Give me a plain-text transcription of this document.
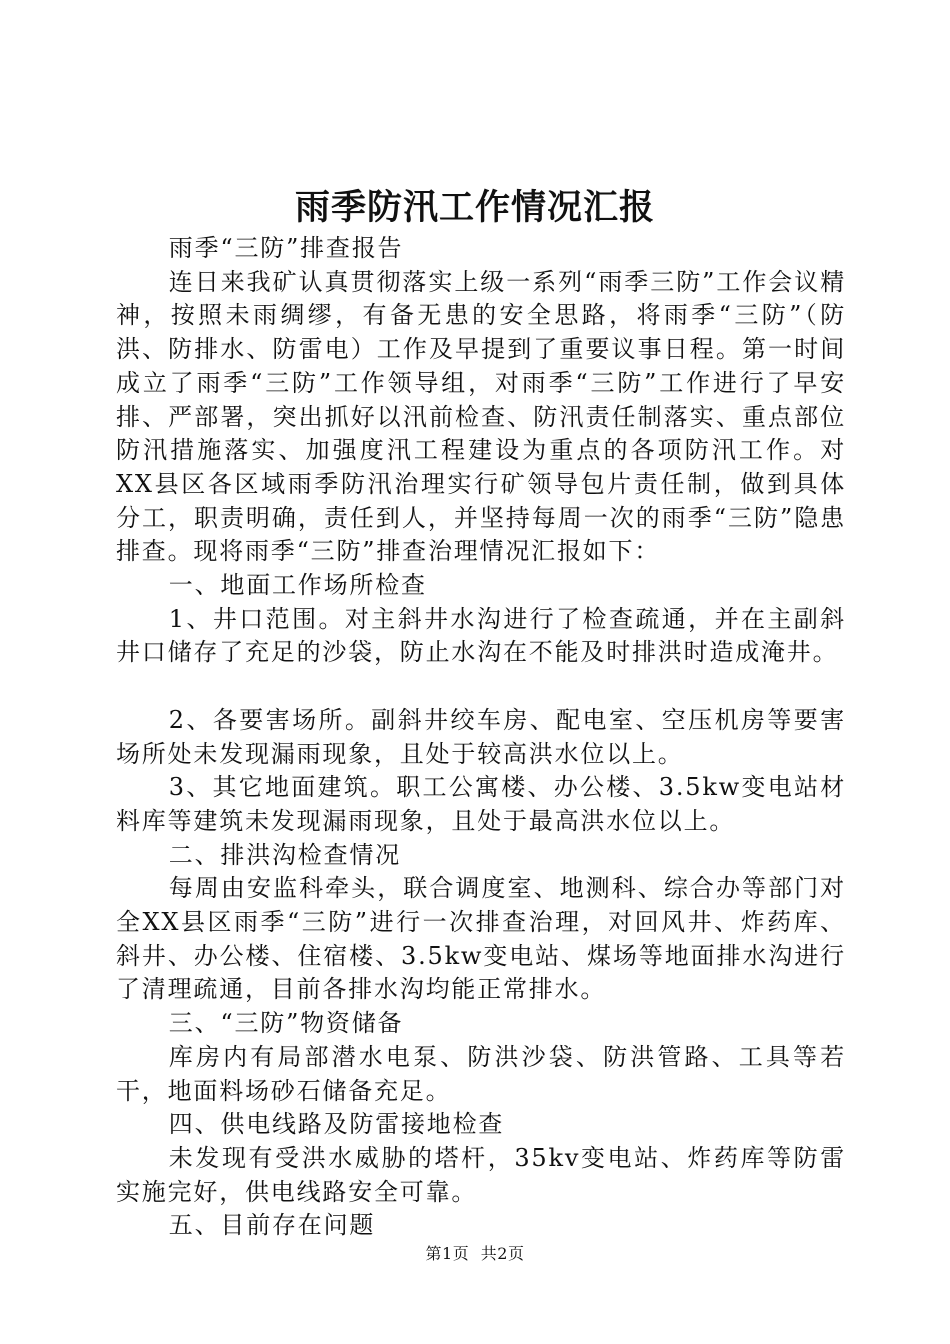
雨季防汛工作情况汇报

雨季“三防”排查报告

连日来我矿认真贯彻落实上级一系列“雨季三防”工作会议精神，按照未雨绸缪，有备无患的安全思路，将雨季“三防”（防洪、防排水、防雷电）工作及早提到了重要议事日程。第一时间成立了雨季“三防”工作领导组，对雨季“三防”工作进行了早安排、严部署，突出抓好以汛前检查、防汛责任制落实、重点部位防汛措施落实、加强度汛工程建设为重点的各项防汛工作。对XX县区各区域雨季防汛治理实行矿领导包片责任制，做到具体分工，职责明确，责任到人，并坚持每周一次的雨季“三防”隐患排查。现将雨季“三防”排查治理情况汇报如下：

一、地面工作场所检查

1、井口范围。对主斜井水沟进行了检查疏通，并在主副斜井口储存了充足的沙袋，防止水沟在不能及时排洪时造成淹井。

2、各要害场所。副斜井绞车房、配电室、空压机房等要害场所处未发现漏雨现象，且处于较高洪水位以上。

3、其它地面建筑。职工公寓楼、办公楼、3.5kw变电站材料库等建筑未发现漏雨现象，且处于最高洪水位以上。

二、排洪沟检查情况

每周由安监科牵头，联合调度室、地测科、综合办等部门对全XX县区雨季“三防”进行一次排查治理，对回风井、炸药库、斜井、办公楼、住宿楼、3.5kw变电站、煤场等地面排水沟进行了清理疏通，目前各排水沟均能正常排水。

三、“三防”物资储备

库房内有局部潜水电泵、防洪沙袋、防洪管路、工具等若干，地面料场砂石储备充足。

四、供电线路及防雷接地检查

未发现有受洪水威胁的塔杆，35kv变电站、炸药库等防雷实施完好，供电线路安全可靠。

五、目前存在问题

第1页 共2页
